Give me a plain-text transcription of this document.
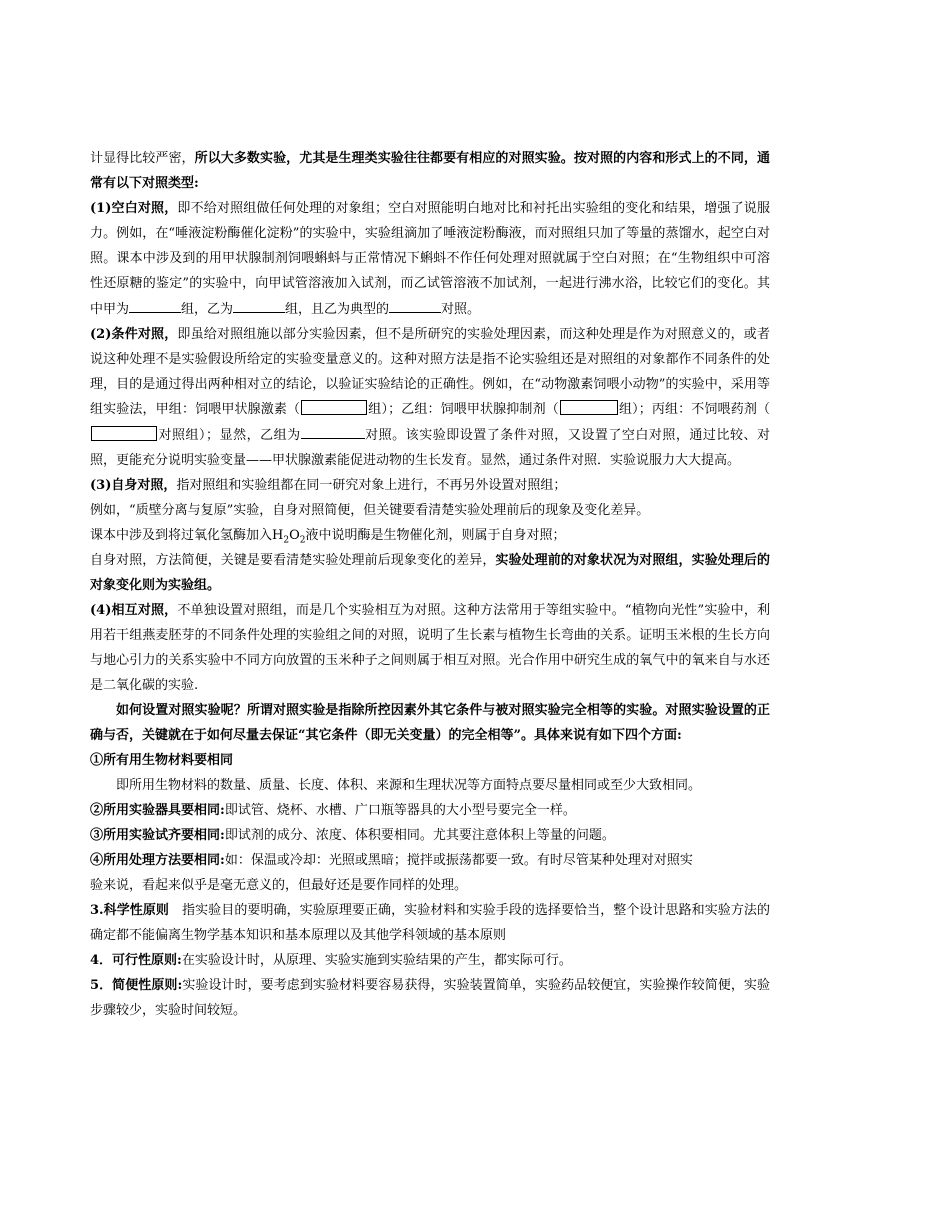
计显得比较严密，所以大多数实验，尤其是生理类实验往往都要有相应的对照实验。按对照的内容和形式上的不同，通常有以下对照类型:

(1)空白对照，即不给对照组做任何处理的对象组；空白对照能明白地对比和衬托出实验组的变化和结果，增强了说服力。例如，在“唾液淀粉酶催化淀粉”的实验中，实验组滴加了唾液淀粉酶液，而对照组只加了等量的蒸馏水，起空白对照。课本中涉及到的用甲状腺制剂饲喂蝌蚪与正常情况下蝌蚪不作任何处理对照就属于空白对照；在“生物组织中可溶性还原糖的鉴定”的实验中，向甲试管溶液加入试剂，而乙试管溶液不加试剂，一起进行沸水浴，比较它们的变化。其中甲为	组，乙为	组，且乙为典型的	对照。

(2)条件对照，即虽给对照组施以部分实验因素，但不是所研究的实验处理因素，而这种处理是作为对照意义的，或者说这种处理不是实验假设所给定的实验变量意义的。这种对照方法是指不论实验组还是对照组的对象都作不同条件的处理，目的是通过得出两种相对立的结论，以验证实验结论的正确性。例如，在“动物激素饲喂小动物”的实验中，采用等组实验法，甲组：饲喂甲状腺激素（	组）；乙组：饲喂甲状腺抑制剂（	组）；丙组：不饲喂药剂（对照组）；显然，乙组为	对照。该实验即设置了条件对照，又设置了空白对照，通过比较、对照，更能充分说明实验变量——甲状腺激素能促进动物的生长发育。显然，通过条件对照．实验说服力大大提高。

(3)自身对照，指对照组和实验组都在同一研究对象上进行，不再另外设置对照组；

例如，“质壁分离与复原”实验，自身对照简便，但关键要看清楚实验处理前后的现象及变化差异。

课本中涉及到将过氧化氢酶加入$H_2O_2$液中说明酶是生物催化剂，则属于自身对照；

自身对照，方法简便，关键是要看清楚实验处理前后现象变化的差异，实验处理前的对象状况为对照组，实验处理后的对象变化则为实验组。

(4)相互对照，不单独设置对照组，而是几个实验相互为对照。这种方法常用于等组实验中。“植物向光性”实验中，利用若干组燕麦胚芽的不同条件处理的实验组之间的对照，说明了生长素与植物生长弯曲的关系。证明玉米根的生长方向与地心引力的关系实验中不同方向放置的玉米种子之间则属于相互对照。光合作用中研究生成的氧气中的氧来自与水还是二氧化碳的实验.

如何设置对照实验呢？所谓对照实验是指除所控因素外其它条件与被对照实验完全相等的实验。对照实验设置的正确与否，关键就在于如何尽量去保证“其它条件（即无关变量）的完全相等”。具体来说有如下四个方面:

①所有用生物材料要相同

即所用生物材料的数量、质量、长度、体积、来源和生理状况等方面特点要尽量相同或至少大致相同。

②所用实验器具要相同:即试管、烧杯、水槽、广口瓶等器具的大小型号要完全一样。

③所用实验试齐要相同:即试剂的成分、浓度、体积要相同。尤其要注意体积上等量的问题。

④所用处理方法要相同:如：保温或冷却：光照或黑暗；搅拌或振荡都要一致。有时尽管某种处理对对照实

验来说，看起来似乎是毫无意义的，但最好还是要作同样的处理。

3.科学性原则　指实验目的要明确，实验原理要正确，实验材料和实验手段的选择要恰当，整个设计思路和实验方法的确定都不能偏离生物学基本知识和基本原理以及其他学科领域的基本原则

4．可行性原则:在实验设计时，从原理、实验实施到实验结果的产生，都实际可行。

5．简便性原则:实验设计时，要考虑到实验材料要容易获得，实验装置简单，实验药品较便宜，实验操作较简便，实验步骤较少，实验时间较短。
